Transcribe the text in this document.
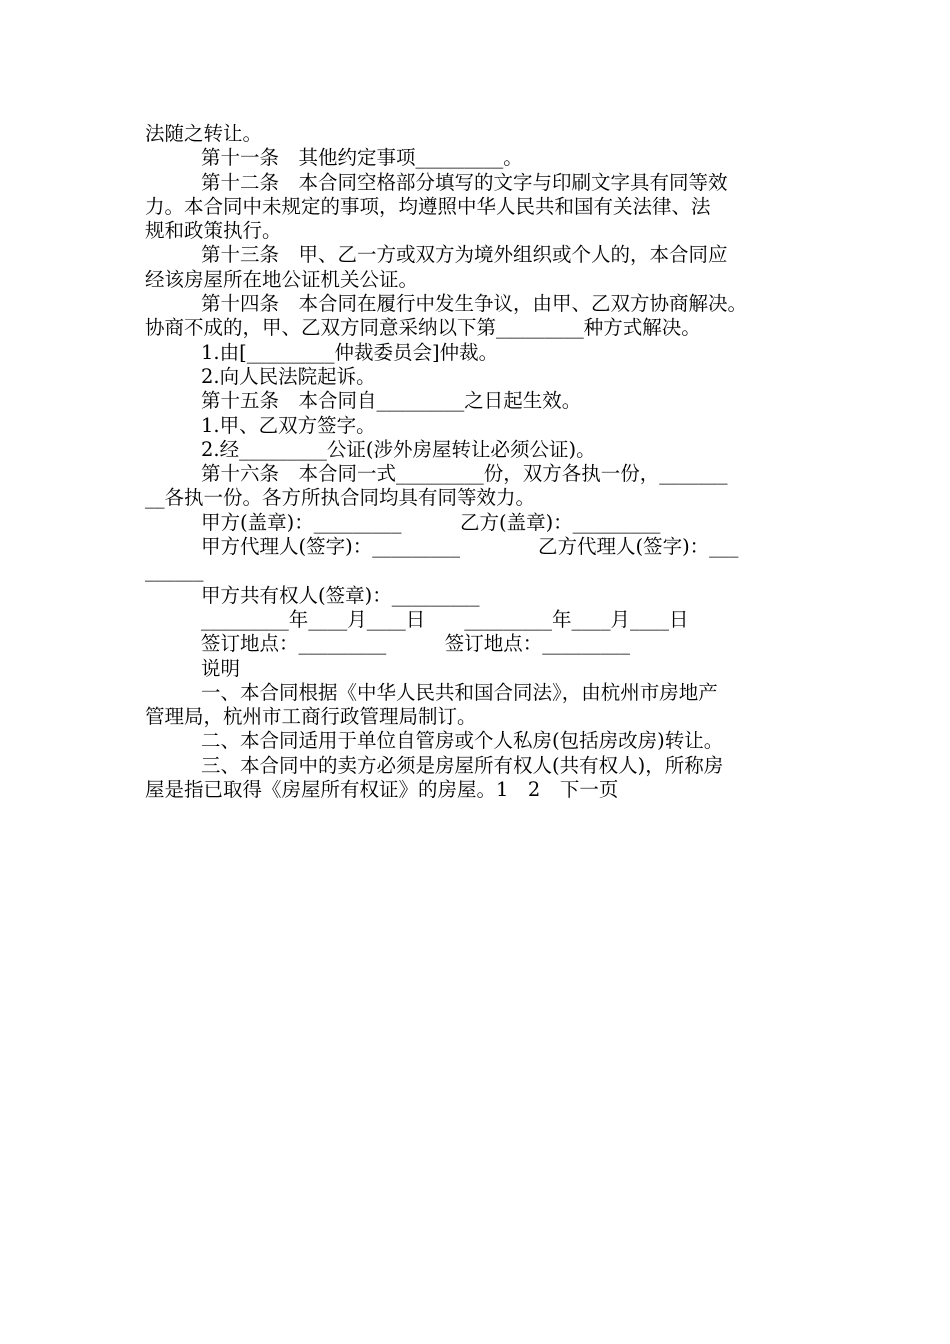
法随之转让。
第十一条　其他约定事项_________。
第十二条　本合同空格部分填写的文字与印刷文字具有同等效
力。本合同中未规定的事项，均遵照中华人民共和国有关法律、法
规和政策执行。
第十三条　甲、乙一方或双方为境外组织或个人的，本合同应
经该房屋所在地公证机关公证。
第十四条　本合同在履行中发生争议，由甲、乙双方协商解决。
协商不成的，甲、乙双方同意采纳以下第_________种方式解决。
1.由[_________仲裁委员会]仲裁。
2.向人民法院起诉。
第十五条　本合同自_________之日起生效。
1.甲、乙双方签字。
2.经_________公证(涉外房屋转让必须公证)。
第十六条　本合同一式_________份，双方各执一份，_______
__各执一份。各方所执合同均具有同等效力。
甲方(盖章)：_________　　　乙方(盖章)：_________
甲方代理人(签字)：_________　　　　乙方代理人(签字)：___
______
甲方共有权人(签章)：_________
_________年____月____日　　_________年____月____日
签订地点：_________　　　签订地点：_________
说明
一、本合同根据《中华人民共和国合同法》，由杭州市房地产
管理局，杭州市工商行政管理局制订。
二、本合同适用于单位自管房或个人私房(包括房改房)转让。
三、本合同中的卖方必须是房屋所有权人(共有权人)，所称房
屋是指已取得《房屋所有权证》的房屋。1　2　下一页
